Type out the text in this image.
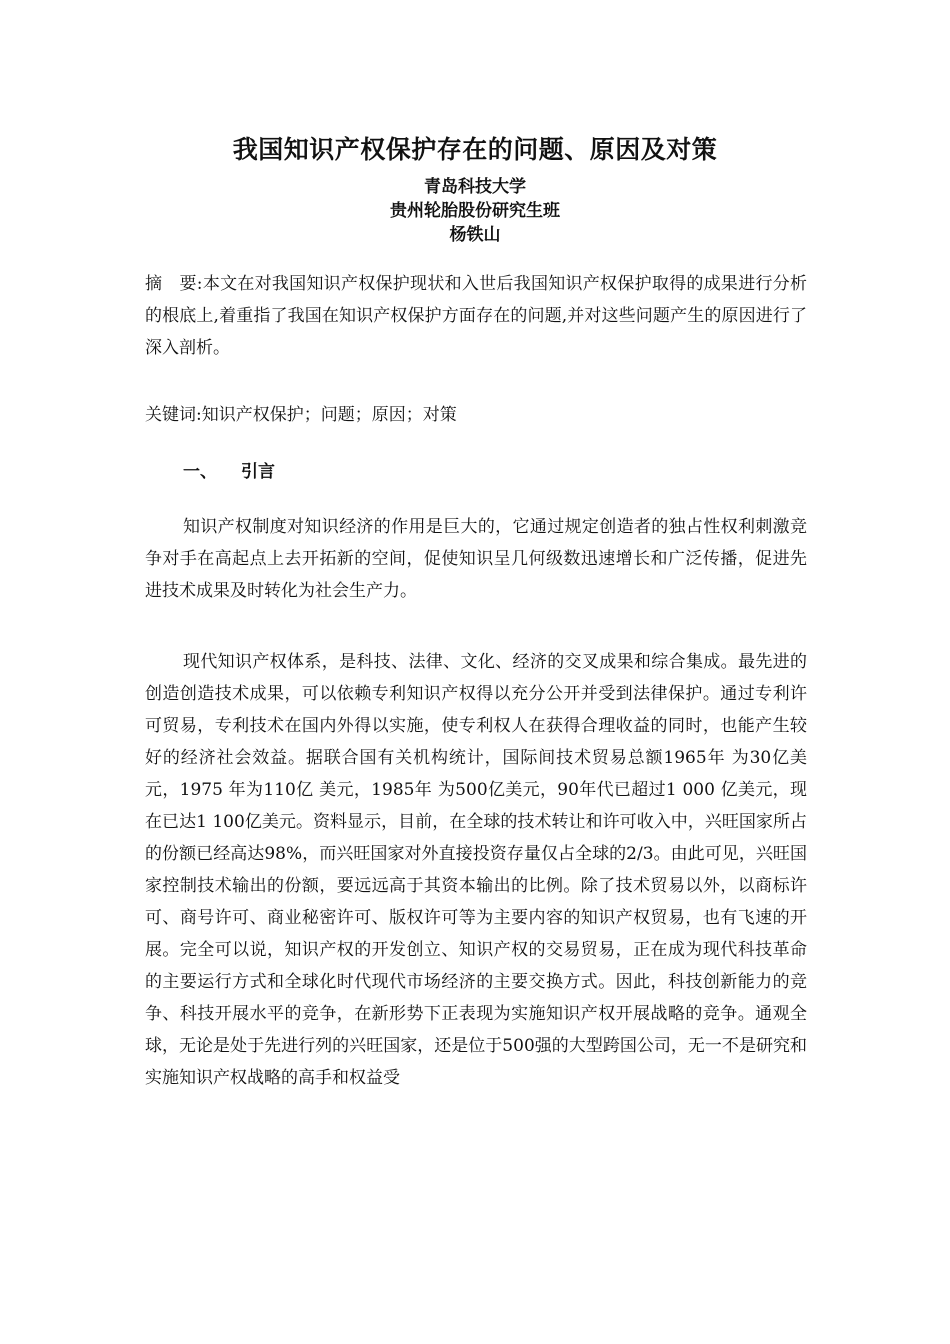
我国知识产权保护存在的问题、原因及对策
青岛科技大学
贵州轮胎股份研究生班
杨铁山
摘　要:本文在对我国知识产权保护现状和入世后我国知识产权保护取得的成果进行分析的根底上,着重指了我国在知识产权保护方面存在的问题,并对这些问题产生的原因进行了深入剖析。
关键词:知识产权保护；问题；原因；对策
一、 引言
知识产权制度对知识经济的作用是巨大的，它通过规定创造者的独占性权利刺激竞争对手在高起点上去开拓新的空间，促使知识呈几何级数迅速增长和广泛传播，促进先进技术成果及时转化为社会生产力。
现代知识产权体系，是科技、法律、文化、经济的交叉成果和综合集成。最先进的创造创造技术成果，可以依赖专利知识产权得以充分公开并受到法律保护。通过专利许可贸易，专利技术在国内外得以实施，使专利权人在获得合理收益的同时，也能产生较好的经济社会效益。据联合国有关机构统计，国际间技术贸易总额1965年 为30亿美元，1975 年为110亿 美元，1985年 为500亿美元，90年代已超过1 000 亿美元，现在已达1 100亿美元。资料显示，目前，在全球的技术转让和许可收入中，兴旺国家所占的份额已经高达98%，而兴旺国家对外直接投资存量仅占全球的2/3。由此可见，兴旺国家控制技术输出的份额，要远远高于其资本输出的比例。除了技术贸易以外，以商标许可、商号许可、商业秘密许可、版权许可等为主要内容的知识产权贸易，也有飞速的开展。完全可以说，知识产权的开发创立、知识产权的交易贸易，正在成为现代科技革命的主要运行方式和全球化时代现代市场经济的主要交换方式。因此，科技创新能力的竞争、科技开展水平的竞争，在新形势下正表现为实施知识产权开展战略的竞争。通观全球，无论是处于先进行列的兴旺国家，还是位于500强的大型跨国公司，无一不是研究和实施知识产权战略的高手和权益受
